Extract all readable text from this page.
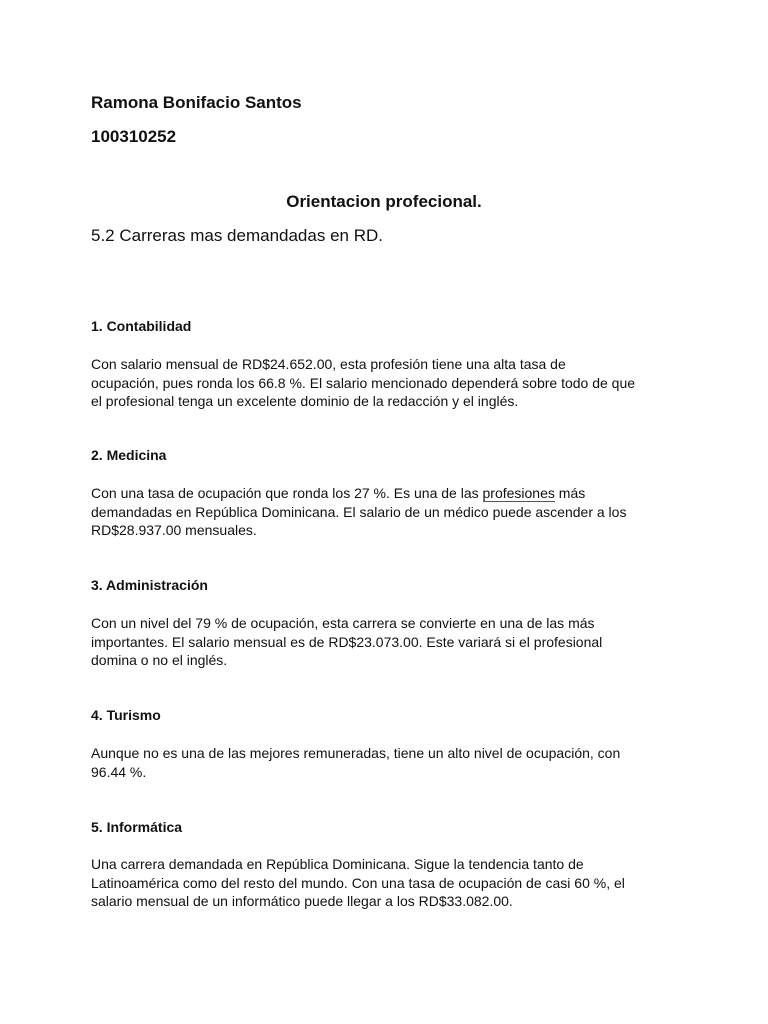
Ramona Bonifacio Santos

100310252

Orientacion profecional.

5.2 Carreras mas demandadas en RD.

1. Contabilidad

Con salario mensual de RD$24.652.00, esta profesión tiene una alta tasa de
ocupación, pues ronda los 66.8 %. El salario mencionado dependerá sobre todo de que
el profesional tenga un excelente dominio de la redacción y el inglés.

2. Medicina

Con una tasa de ocupación que ronda los 27 %. Es una de las profesiones más
demandadas en República Dominicana. El salario de un médico puede ascender a los
RD$28.937.00 mensuales.

3. Administración

Con un nivel del 79 % de ocupación, esta carrera se convierte en una de las más
importantes. El salario mensual es de RD$23.073.00. Este variará si el profesional
domina o no el inglés.

4. Turismo

Aunque no es una de las mejores remuneradas, tiene un alto nivel de ocupación, con
96.44 %.

5. Informática

Una carrera demandada en República Dominicana. Sigue la tendencia tanto de
Latinoamérica como del resto del mundo. Con una tasa de ocupación de casi 60 %, el
salario mensual de un informático puede llegar a los RD$33.082.00.
